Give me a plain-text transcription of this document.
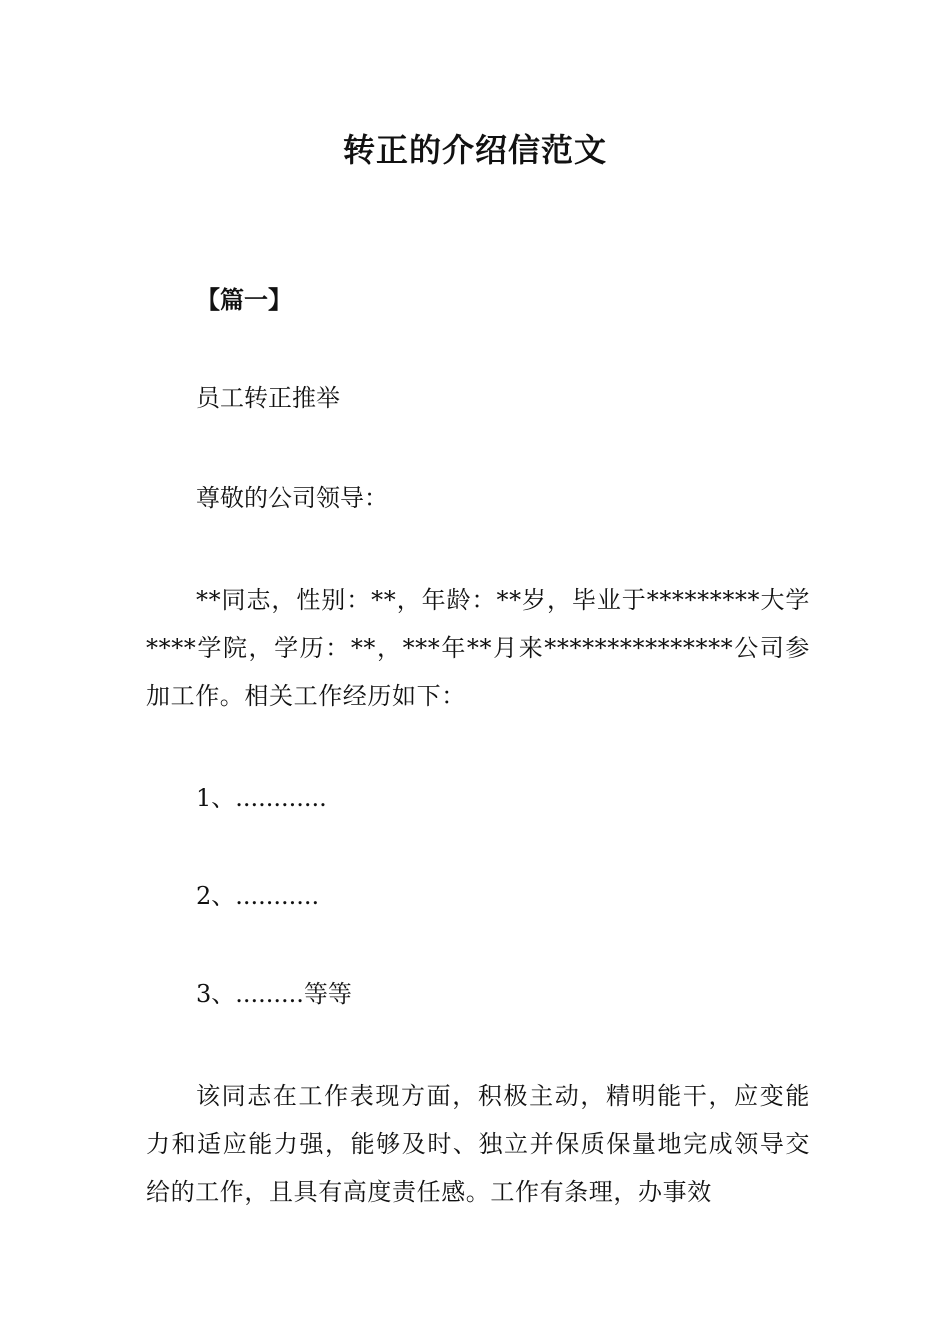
转正的介绍信范文

【篇一】

员工转正推举

尊敬的公司领导：

**同志，性别：**，年龄：**岁，毕业于*********大学****学院，学历：**，***年**月来***************公司参加工作。相关工作经历如下：

1、............

2、...........

3、.........等等

该同志在工作表现方面，积极主动，精明能干，应变能力和适应能力强，能够及时、独立并保质保量地完成领导交给的工作，且具有高度责任感。工作有条理，办事效
